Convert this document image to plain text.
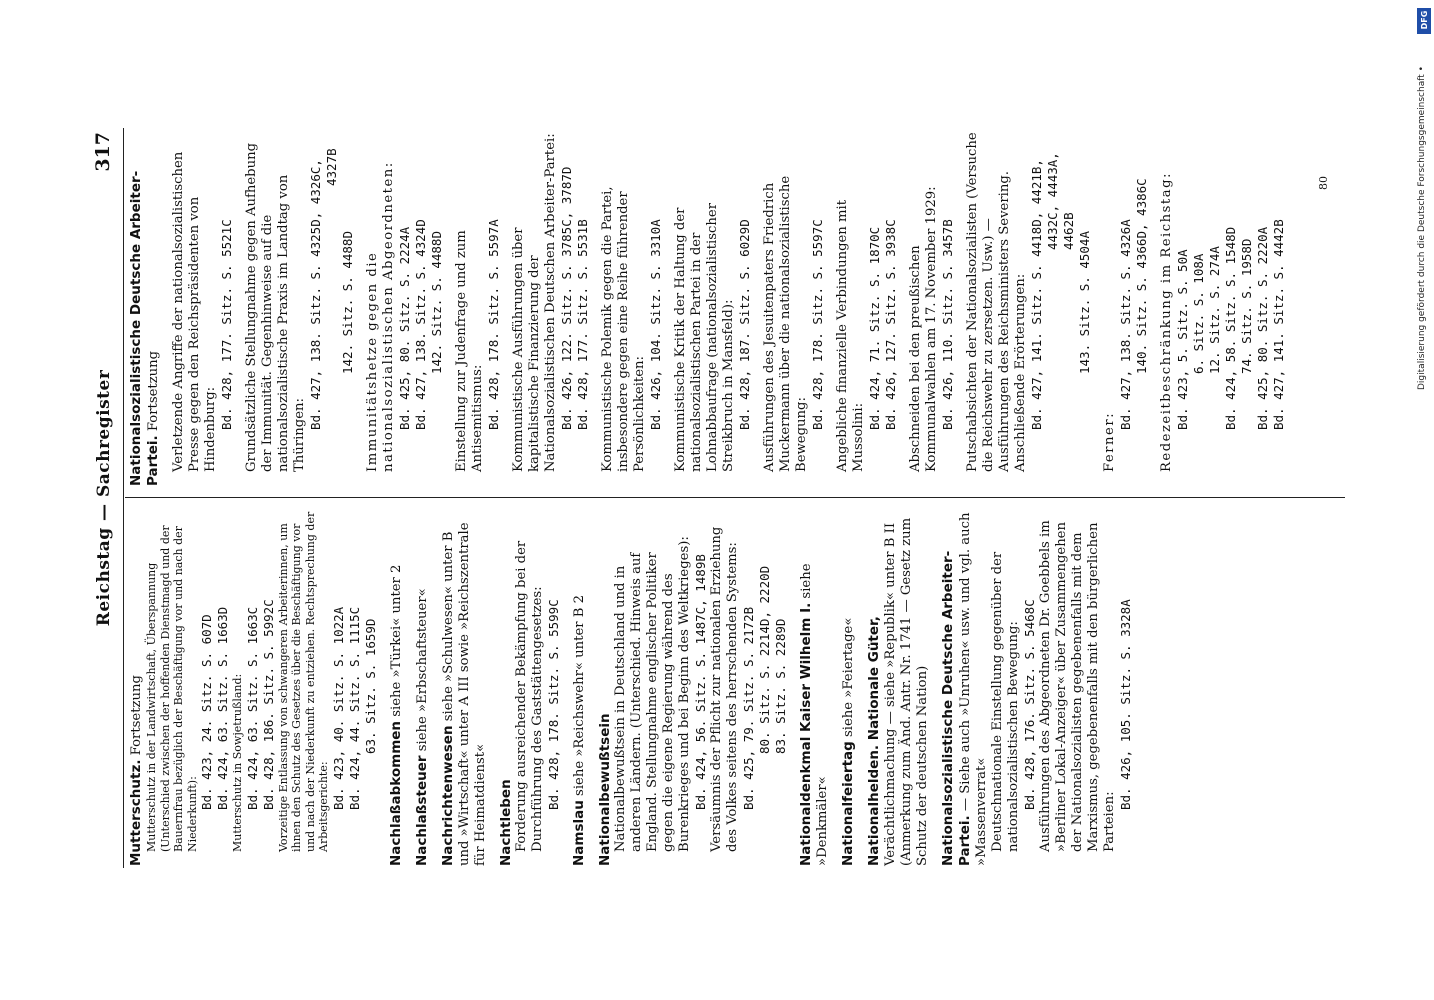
Reichstag — Sachregister
317
Mutterschutz. Fortsetzung Mutterschutz in der Landwirtschaft, Überspannung (Unterschied zwischen der hoffenden Dienstmagd und der Bauernfrau bezüglich der Beschäftigung vor und nach der Niederkunft):
Bd. 423, 24. Sitz. S. 607D Bd. 424, 63. Sitz. S. 1663D Mutterschutz in Sowjetrußland: Bd. 424, 63. Sitz. S. 1663C Bd. 428, 186. Sitz. S. 5992C Vorzeitige Entlassung von schwangeren Arbeiterinnen, um ihnen den Schutz des Gesetzes über die Beschäftigung vor und nach der Niederkunft zu entziehen. Rechtsprechung der Arbeitsgerichte: Bd. 423, 40. Sitz. S. 1022A Bd. 424, 44. Sitz. S. 1115C 63. Sitz. S. 1659D
Nachlaßabkommen siehe »Türkei« unter 2
Nachlaßsteuer siehe »Erbschaftsteuer«
Nachrichtenwesen siehe »Schulwesen« unter B und »Wirtschaft« unter A III sowie »Reichszentrale für Heimatdienst« Nachtleben Forderung ausreichender Bekämpfung bei der Durchführung des Gaststättengesetzes: Bd. 428, 178. Sitz. S. 5599C
Namslau siehe »Reichswehr« unter B 2 Nationalbewußtsein Nationalbewußtsein in Deutschland und in anderen Ländern. (Unterschied. Hinweis auf England. Stellungnahme englischer Politiker gegen die eigene Regierung während des Burenkrieges und bei Beginn des Weltkrieges): Bd. 424, 56. Sitz. S. 1487C, 1489B Versäumnis der Pflicht zur nationalen Erziehung des Volkes seitens des herrschenden Systems: Bd. 425, 79. Sitz. S. 2172B 80. Sitz. S. 2214D, 2220D 83. Sitz. S. 2289D Nationaldenkmal Kaiser Wilhelm I. siehe »Denkmäler« Nationalfeiertag siehe »Feiertage« Nationalhelden. Nationale Güter, Verächtlichmachung — siehe »Republik« unter B II (Anmerkung zum Änd. Antr. Nr. 1741 — Gesetz zum Schutz der deutschen Nation) Nationalsozialistische Deutsche Arbeiter-Partei. — Siehe auch »Unruhen« usw. und vgl. auch »Massenverrat« Deutschnationale Einstellung gegenüber der nationalsozialistischen Bewegung: Bd. 428, 176. Sitz. S. 5468C Ausführungen des Abgeordneten Dr. Goebbels im »Berliner Lokal-Anzeiger« über Zusammengehen der Nationalsozialisten gegebenenfalls mit dem Marxismus, gegebenenfalls mit den bürgerlichen Parteien:
Bd. 426, 105. Sitz. S. 3328A
Nationalsozialistische Deutsche Arbeiter-Partei. Fortsetzung Verletzende Angriffe der nationalsozialistischen Presse gegen den Reichspräsidenten von Hindenburg: Bd. 428, 177. Sitz. S. 5521C Grundsätzliche Stellungnahme gegen Aufhebung der Immunität. Gegenhinweise auf die nationalsozialistische Praxis im Landtag von Thüringen:
Bd. 427, 138. Sitz. S. 4325D, 4326C, 4327B
142. Sitz. S. 4488D Immunitätshetze gegen die nationalsozialistischen Abgeordneten: Bd. 425, 80. Sitz. S. 2224A Bd. 427, 138. Sitz. S. 4324D 142. Sitz. S. 4488D Einstellung zur Judenfrage und zum Antisemitismus: Bd. 428, 178. Sitz. S. 5597A Kommunistische Ausführungen über kapitalistische Finanzierung der Nationalsozialistischen Deutschen Arbeiter-Partei: Bd. 426, 122. Sitz. S. 3785C, 3787D Bd. 428, 177. Sitz. S. 5531B Kommunistische Polemik gegen die Partei, insbesondere gegen eine Reihe führender Persönlichkeiten: Bd. 426, 104. Sitz. S. 3310A Kommunistische Kritik der Haltung der nationalsozialistischen Partei in der Lohnabbaufrage (nationalsozialistischer Streikbruch in Mansfeld): Bd. 428, 187. Sitz. S. 6029D Ausführungen des Jesuitenpaters Friedrich Muckermann über die nationalsozialistische Bewegung:
Bd. 428, 178. Sitz. S. 5597C Angebliche finanzielle Verbindungen mit Mussolini:
Bd. 424, 71. Sitz. S. 1870C Bd. 426, 127. Sitz. S. 3938C Abschneiden bei den preußischen Kommunalwahlen am 17. November 1929: Bd. 426, 110. Sitz. S. 3457B Putschabsichten der Nationalsozialisten (Versuche die Reichswehr zu zersetzen. Usw.) — Ausführungen des Reichsministers Severing. Anschließende Erörterungen: Bd. 427, 141. Sitz. S. 4418D, 4421B, 4432C, 4443A, 4462B 143. Sitz. S. 4504A
Ferner:
Bd. 427, 138. Sitz. S. 4326A 140. Sitz. S. 4366D, 4386C Redezeitbeschränkung im Reichstag: Bd. 423, 5. Sitz. S. 50A 6. Sitz. S. 108A 12. Sitz. S. 274A Bd. 424, 58. Sitz. S. 1548D 74. Sitz. S. 1958D Bd. 425, 80. Sitz. S. 2220A Bd. 427, 141. Sitz. S. 4442B
80	Digitalisierung gefördert durch die Deutsche Forschungsgemeinschaft •
DFG
